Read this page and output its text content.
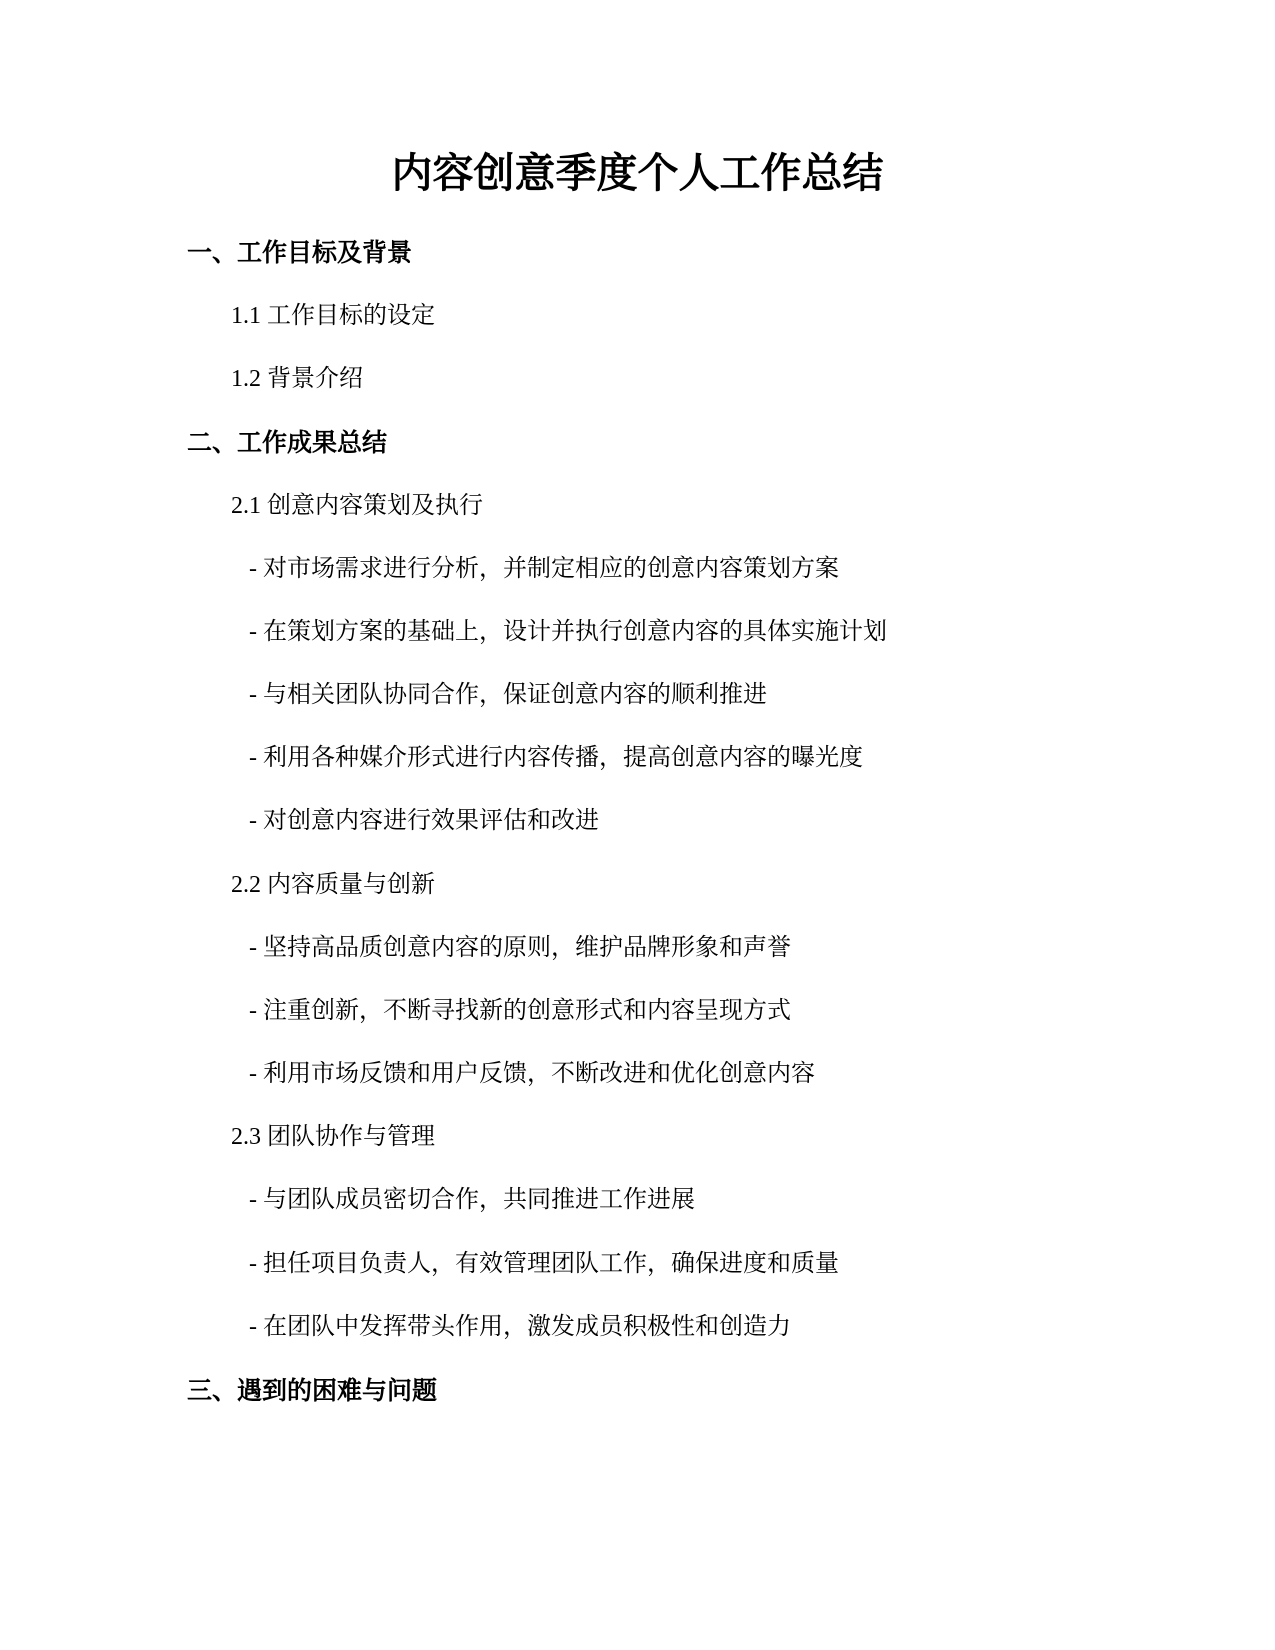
内容创意季度个人工作总结
一、工作目标及背景

1.1 工作目标的设定

1.2 背景介绍

二、工作成果总结

2.1 创意内容策划及执行

- 对市场需求进行分析，并制定相应的创意内容策划方案

- 在策划方案的基础上，设计并执行创意内容的具体实施计划

- 与相关团队协同合作，保证创意内容的顺利推进

- 利用各种媒介形式进行内容传播，提高创意内容的曝光度

- 对创意内容进行效果评估和改进

2.2 内容质量与创新

- 坚持高品质创意内容的原则，维护品牌形象和声誉

- 注重创新，不断寻找新的创意形式和内容呈现方式

- 利用市场反馈和用户反馈，不断改进和优化创意内容

2.3 团队协作与管理

- 与团队成员密切合作，共同推进工作进展

- 担任项目负责人，有效管理团队工作，确保进度和质量

- 在团队中发挥带头作用，激发成员积极性和创造力

三、遇到的困难与问题
